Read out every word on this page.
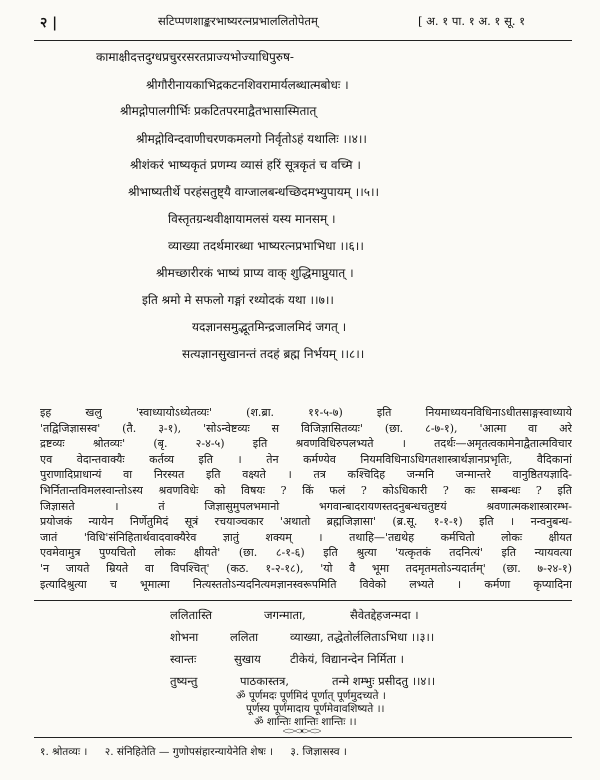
२ |	सटिप्पणशाङ्करभाष्यरत्नप्रभाललितोपेतम्	[ अ. १ पा. १ अ. १ सू. १
कामाक्षीदत्तदुग्धप्रचुररसरतप्राज्यभोज्याधिपुरुष-
श्रीगौरीनायकाभिद्रकटनशिवरामार्यलब्धात्मबोधः ।
श्रीमद्गोपालगीर्भिः प्रकटितपरमाद्वैतभासास्मितात्
श्रीमद्गोविन्दवाणीचरणकमलगो निर्वृतोऽहं यथालिः ।।४।।
श्रीशंकरं भाष्यकृतं प्रणम्य व्यासं हरिं सूत्रकृतं च वच्मि ।
श्रीभाष्यतीर्थे परहंसतुष्ट्यै वाग्जालबन्धच्छिदमभ्युपायम् ।।५।।
विस्तृतग्रन्थवीक्षायामलसं यस्य मानसम् ।
व्याख्या तदर्थमारब्धा भाष्यरत्नप्रभाभिधा ।।६।।
श्रीमच्छारीरकं भाष्यं प्राप्य वाक् शुद्धिमाप्नुयात् ।
इति श्रमो मे सफलो गङ्गां रथ्योदकं यथा ।।७।।
यदज्ञानसमुद्भूतमिन्द्रजालमिदं जगत् ।
सत्यज्ञानसुखानन्तं तदहं ब्रह्म निर्भयम् ।।८।।
इह खलु 'स्वाध्यायोऽध्येतव्यः' (श.ब्रा. ११-५-७) इति नियमाध्ययनविधिनाऽधीतसाङ्गस्वाध्याये
'तद्विजिज्ञासस्व' (तै. ३-१), 'सोऽन्वेष्टव्यः स विजिज्ञासितव्यः' (छा. ८-७-१), 'आत्मा वा अरे
द्रष्टव्यः श्रोतव्यः' (बृ. २-४-५) इति श्रवणविधिरुपलभ्यते । तदर्थः—अमृतत्वकामेनाद्वैतात्मविचार
एव वेदान्तवाक्यैः कर्तव्य इति । तेन कर्मण्येव नियमविधिनाऽधिगतशास्त्रार्थज्ञानप्रभृतिः, वैदिकानां
पुराणादिप्राधान्यं वा निरस्यत इति वक्ष्यते । तत्र कश्चिदिह जन्मनि जन्मान्तरे वानुष्ठितयज्ञादि-
भिर्नितान्तविमलस्वान्तोऽस्य श्रवणविधेः को विषयः ? किं फलं ? कोऽधिकारी ? कः सम्बन्धः ? इति
जिज्ञासते । तं जिज्ञासुमुपलभमानो भगवान्बादरायणस्तदनुबन्धचतुष्टयं श्रवणात्मकशास्त्रारम्भ-
प्रयोजकं न्यायेन निर्णेतुमिदं सूत्रं रचयाञ्चकार 'अथातो ब्रह्मजिज्ञासा' (ब्र.सू. १-१-१) इति । नन्वनुबन्ध-
जातं 'विधि'संनिहितार्थवादवाक्यैरेव ज्ञातुं शक्यम् । तथाहि—'तद्यथेह कर्मचितो लोकः क्षीयत
एवमेवामुत्र पुण्यचितो लोकः क्षीयते' (छा. ८-१-६) इति श्रुत्या 'यत्कृतकं तदनित्यं' इति न्यायवत्या
'न जायते म्रियते वा विपश्चित्' (कठ. १-२-१८), 'यो वै भूमा तदमृतमतोऽन्यदार्तम्' (छा. ७-२४-१)
इत्यादिश्रुत्या च भूमात्मा नित्यस्ततोऽन्यदनित्यमज्ञानस्वरूपमिति विवेको लभ्यते । कर्मणा कृप्यादिना
ललितास्ति	जगन्माता,	सैवेतद्देहजन्मदा ।
शोभना	ललिता	व्याख्या, तद्धेतोर्ललिताऽभिधा ।।३।।
स्वान्तः	सुखाय	टीकेयं, विद्यानन्देन निर्मिता ।
तुष्यन्तु	पाठकास्तत्र,	तन्मे शम्भुः प्रसीदतु ।।४।।
१. श्रोतव्यः । २. संनिहितेति — गुणोपसंहारन्यायेनेति शेषः । ३. जिज्ञासस्व ।
ॐ पूर्णमदः पूर्णमिदं पूर्णात् पूर्णमुदच्यते ।
पूर्णस्य पूर्णमादाय पूर्णमेवावशिष्यते ।।
ॐ शान्तिः शान्तिः शान्तिः ।।
